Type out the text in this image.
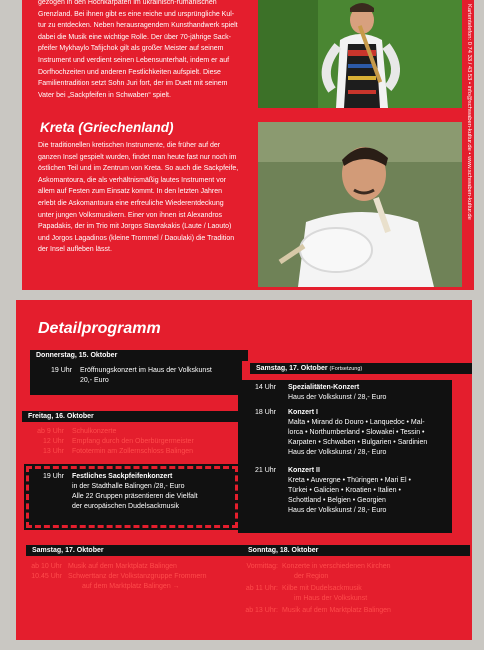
gezogen in den Hochkarpaten im ukrainisch-rumänischen
Grenzland. Bei ihnen gibt es eine reiche und ursprüngliche Kul-
tur zu entdecken. Neben herausragendem Kunsthandwerk spielt
dabei die Musik eine wichtige Rolle. Der über 70-jährige Sack-
pfeifer Mykhaylo Tafijchok gilt als großer Meister auf seinem
Instrument und verdient seinen Lebensunterhalt, indem er auf
Dorfhochzeiten und anderen Festlichkeiten aufspielt. Diese
Familientradition setzt Sohn Juri fort, der im Duett mit seinem
Vater bei „Sackpfeifen in Schwaben“ spielt.

Kreta (Griechenland)

Die traditionellen kretischen Instrumente, die früher auf der
ganzen Insel gespielt wurden, findet man heute fast nur noch im
östlichen Teil und im Zentrum von Kreta. So auch die Sackpfeife,
Askomantoura, die als verhältnismäßig lautes Instrument vor
allem auf Festen zum Einsatz kommt. In den letzten Jahren
erlebt die Askomantoura eine erfreuliche Wiederentdeckung
unter jungen Volksmusikern. Einer von ihnen ist Alexandros
Papadakis, der im Trio mit Jorgos Stavrakakis (Laute / Laouto)
und Jorgos Lagadinos (kleine Trommel / Daoulaki) die Tradition
der Insel aufleben lässt.

Kartentelefon: 0 74 33 / 43 53 • info@schwaben-kultur.de • www.schwaben-kultur.de
Detailprogramm
Donnerstag, 15. Oktober
19 Uhr Eröffnungskonzert im Haus der Volkskunst
20,- Euro
Freitag, 16. Oktober
ab 9 Uhr Schulkonzerte
12 Uhr Empfang durch den Oberbürgermeister
13 Uhr Fototermin am Zollernschloss Balingen
19 Uhr Festliches Sackpfeifenkonzert
in der Stadthalle Balingen /28,- Euro
Alle 22 Gruppen präsentieren die Vielfalt
der europäischen Dudelsackmusik
Samstag, 17. Oktober (Fortsetzung)
14 Uhr Spezialitäten-Konzert
Haus der Volkskunst / 28,- Euro
18 Uhr Konzert I
Malta • Mirand do Douro • Lanquedoc • Mal-
lorca • Northumberland • Slowakei • Tessin •
Karpaten • Schwaben • Bulgarien • Sardinien
Haus der Volkskunst / 28,- Euro
21 Uhr Konzert II
Kreta • Auvergne • Thüringen • Mari El •
Türkei • Galicien • Kroatien • Italien •
Schottland • Belgien • Georgien
Haus der Volkskunst / 28,- Euro
Samstag, 17. Oktober
ab 10 Uhr Musik auf dem Marktplatz Balingen
10.45 Uhr Schwerttanz der Volkstanzgruppe Frommern
auf dem Marktplatz Balingen →
Sonntag, 18. Oktober
Vormittag: Konzerte in verschiedenen Kirchen
der Region
ab 11 Uhr: Kilbe mit Dudelsackmusik
im Haus der Volkskunst
ab 13 Uhr: Musik auf dem Marktplatz Balingen
